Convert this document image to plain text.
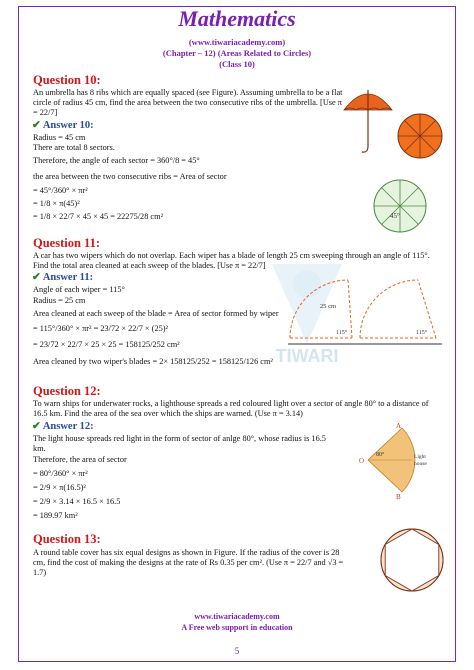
Mathematics
(www.tiwariacademy.com)
(Chapter – 12) (Areas Related to Circles)
(Class 10)
TIWARI
Question 10:
An umbrella has 8 ribs which are equally spaced (see Figure). Assuming umbrella to be a flat circle of radius 45 cm, find the area between the two consecutive ribs of the umbrella. [Use π = 22/7]
✔ Answer 10:
Radius = 45 cm
There are total 8 sectors.
Therefore, the angle of each sector = 360°/8 = 45°
the area between the two consecutive ribs = Area of sector
= 45°/360° × πr²
= 1/8 × π(45)²
= 1/8 × 22/7 × 45 × 45 = 22275/28 cm²	45°
Question 11:
A car has two wipers which do not overlap. Each wiper has a blade of length 25 cm sweeping through an angle of 115°. Find the total area cleaned at each sweep of the blades. [Use π = 22/7]
✔ Answer 11:
Angle of each wiper = 115°
Radius = 25 cm
Area cleaned at each sweep of the blade = Area of sector formed by wiper
= 115°/360° × πr² = 23/72 × 22/7 × (25)²
= 23/72 × 22/7 × 25 × 25 = 158125/252 cm²
Area cleaned by two wiper's blades = 2× 158125/252 = 158125/126 cm²
25 cm
115°	115°
Question 12:
To warn ships for underwater rocks, a lighthouse spreads a red coloured light over a sector of angle 80° to a distance of 16.5 km. Find the area of the sea over which the ships are warned. (Use π = 3.14)
✔ Answer 12:
The light house spreads red light in the form of sector of anlge 80°, whose radius is 16.5 km.
Therefore, the area of sector
= 80°/360° × πr²
= 2/9 × π(16.5)²
= 2/9 × 3.14 × 16.5 × 16.5
= 189.97 km²
A
B
O
80°	Light
house
Question 13:
A round table cover has six equal designs as shown in Figure. If the radius of the cover is 28 cm, find the cost of making the designs at the rate of Rs 0.35 per cm². (Use π = 22/7 and √3 = 1.7)
www.tiwariacademy.com
A Free web support in education
5
